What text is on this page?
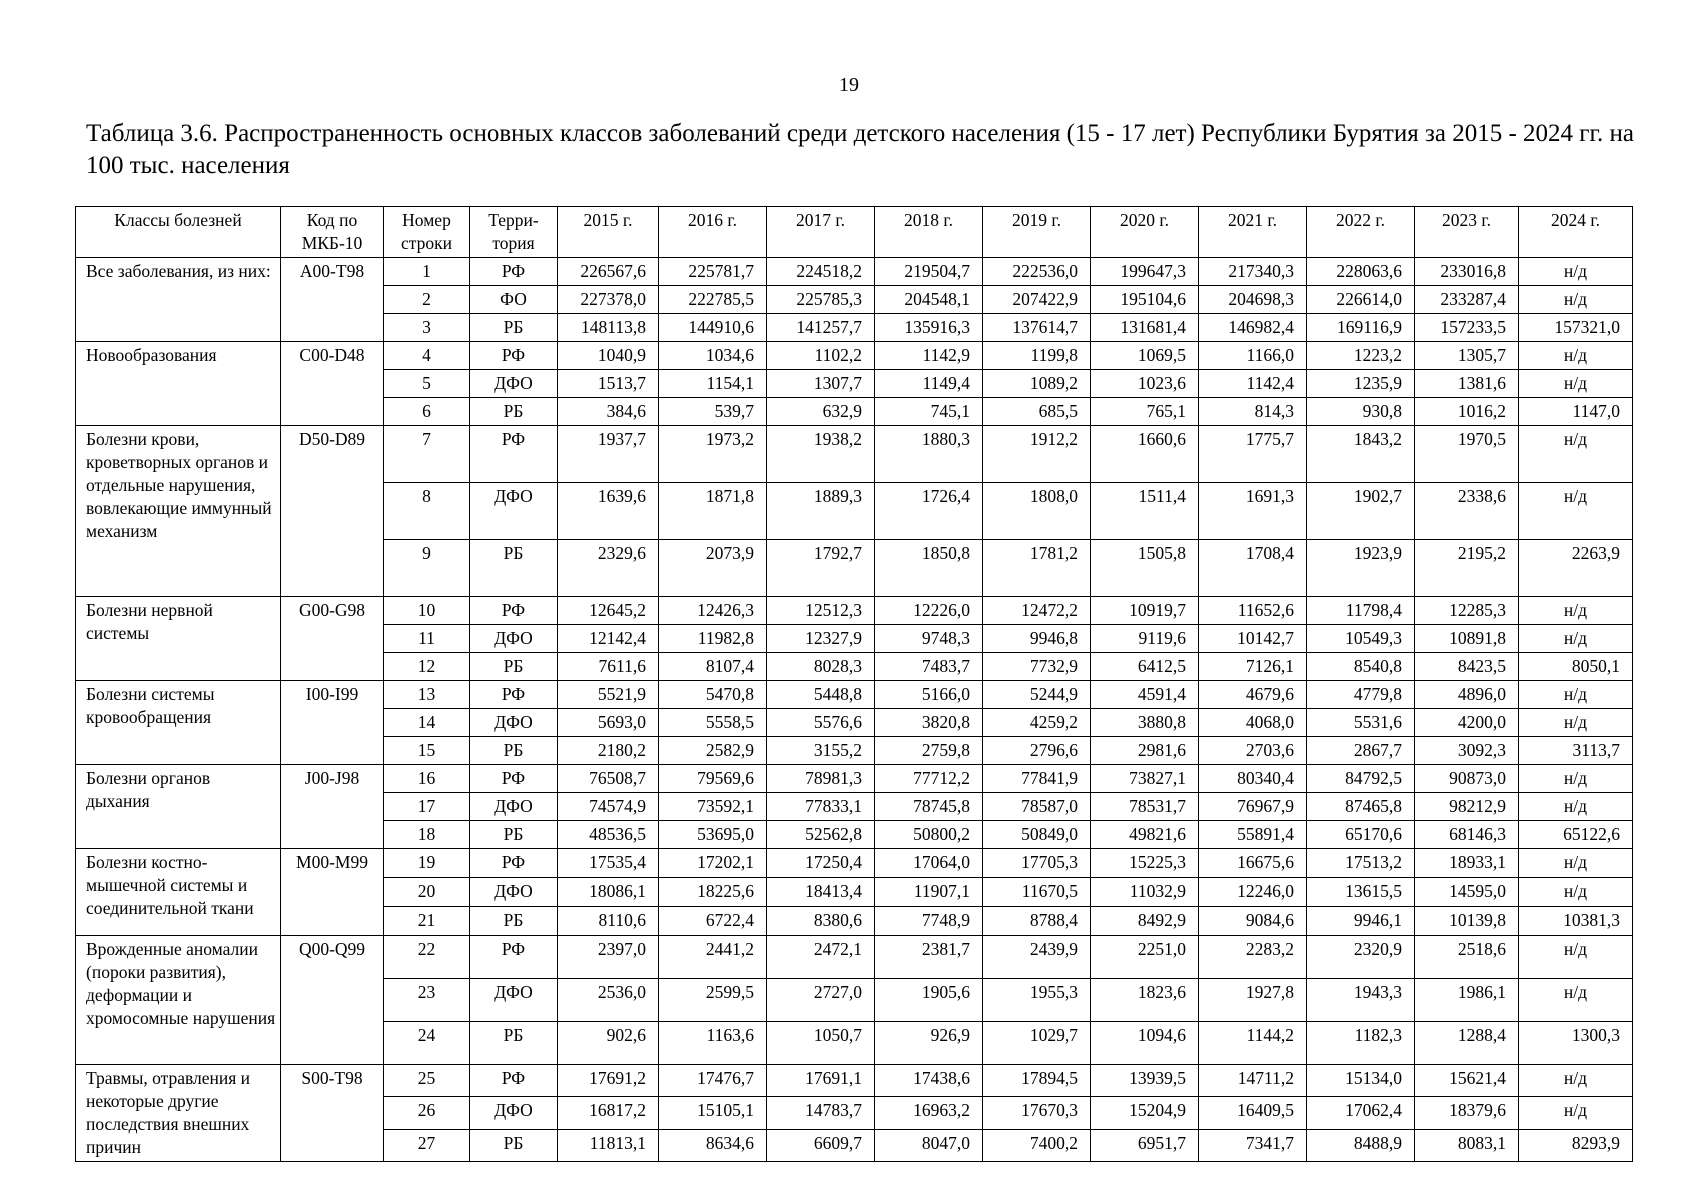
19
Таблица 3.6. Распространенность основных классов заболеваний среди детского населения (15 - 17 лет) Республики Бурятия за 2015 - 2024 гг. на 100 тыс. населения
Классы болезней	Код по МКБ-10	Номер строки	Терри-тория	2015 г.	2016 г.	2017 г.	2018 г.	2019 г.	2020 г.	2021 г.	2022 г.	2023 г.	2024 г.
Все заболевания, из них:	A00-T98	1	РФ	226567,6	225781,7	224518,2	219504,7	222536,0	199647,3	217340,3	228063,6	233016,8	н/д
		2	ФО	227378,0	222785,5	225785,3	204548,1	207422,9	195104,6	204698,3	226614,0	233287,4	н/д
		3	РБ	148113,8	144910,6	141257,7	135916,3	137614,7	131681,4	146982,4	169116,9	157233,5	157321,0
Новообразования	C00-D48	4	РФ	1040,9	1034,6	1102,2	1142,9	1199,8	1069,5	1166,0	1223,2	1305,7	н/д
		5	ДФО	1513,7	1154,1	1307,7	1149,4	1089,2	1023,6	1142,4	1235,9	1381,6	н/д
		6	РБ	384,6	539,7	632,9	745,1	685,5	765,1	814,3	930,8	1016,2	1147,0
Болезни крови, кроветворных органов и отдельные нарушения, вовлекающие иммунный механизм	D50-D89	7	РФ	1937,7	1973,2	1938,2	1880,3	1912,2	1660,6	1775,7	1843,2	1970,5	н/д
		8	ДФО	1639,6	1871,8	1889,3	1726,4	1808,0	1511,4	1691,3	1902,7	2338,6	н/д
		9	РБ	2329,6	2073,9	1792,7	1850,8	1781,2	1505,8	1708,4	1923,9	2195,2	2263,9
Болезни нервной системы	G00-G98	10	РФ	12645,2	12426,3	12512,3	12226,0	12472,2	10919,7	11652,6	11798,4	12285,3	н/д
		11	ДФО	12142,4	11982,8	12327,9	9748,3	9946,8	9119,6	10142,7	10549,3	10891,8	н/д
		12	РБ	7611,6	8107,4	8028,3	7483,7	7732,9	6412,5	7126,1	8540,8	8423,5	8050,1
Болезни системы кровообращения	I00-I99	13	РФ	5521,9	5470,8	5448,8	5166,0	5244,9	4591,4	4679,6	4779,8	4896,0	н/д
		14	ДФО	5693,0	5558,5	5576,6	3820,8	4259,2	3880,8	4068,0	5531,6	4200,0	н/д
		15	РБ	2180,2	2582,9	3155,2	2759,8	2796,6	2981,6	2703,6	2867,7	3092,3	3113,7
Болезни органов дыхания	J00-J98	16	РФ	76508,7	79569,6	78981,3	77712,2	77841,9	73827,1	80340,4	84792,5	90873,0	н/д
		17	ДФО	74574,9	73592,1	77833,1	78745,8	78587,0	78531,7	76967,9	87465,8	98212,9	н/д
		18	РБ	48536,5	53695,0	52562,8	50800,2	50849,0	49821,6	55891,4	65170,6	68146,3	65122,6
Болезни костно-мышечной системы и соединительной ткани	M00-M99	19	РФ	17535,4	17202,1	17250,4	17064,0	17705,3	15225,3	16675,6	17513,2	18933,1	н/д
		20	ДФО	18086,1	18225,6	18413,4	11907,1	11670,5	11032,9	12246,0	13615,5	14595,0	н/д
		21	РБ	8110,6	6722,4	8380,6	7748,9	8788,4	8492,9	9084,6	9946,1	10139,8	10381,3
Врожденные аномалии (пороки развития), деформации и хромосомные нарушения	Q00-Q99	22	РФ	2397,0	2441,2	2472,1	2381,7	2439,9	2251,0	2283,2	2320,9	2518,6	н/д
		23	ДФО	2536,0	2599,5	2727,0	1905,6	1955,3	1823,6	1927,8	1943,3	1986,1	н/д
		24	РБ	902,6	1163,6	1050,7	926,9	1029,7	1094,6	1144,2	1182,3	1288,4	1300,3
Травмы, отравления и некоторые другие последствия внешних причин	S00-T98	25	РФ	17691,2	17476,7	17691,1	17438,6	17894,5	13939,5	14711,2	15134,0	15621,4	н/д
		26	ДФО	16817,2	15105,1	14783,7	16963,2	17670,3	15204,9	16409,5	17062,4	18379,6	н/д
		27	РБ	11813,1	8634,6	6609,7	8047,0	7400,2	6951,7	7341,7	8488,9	8083,1	8293,9
